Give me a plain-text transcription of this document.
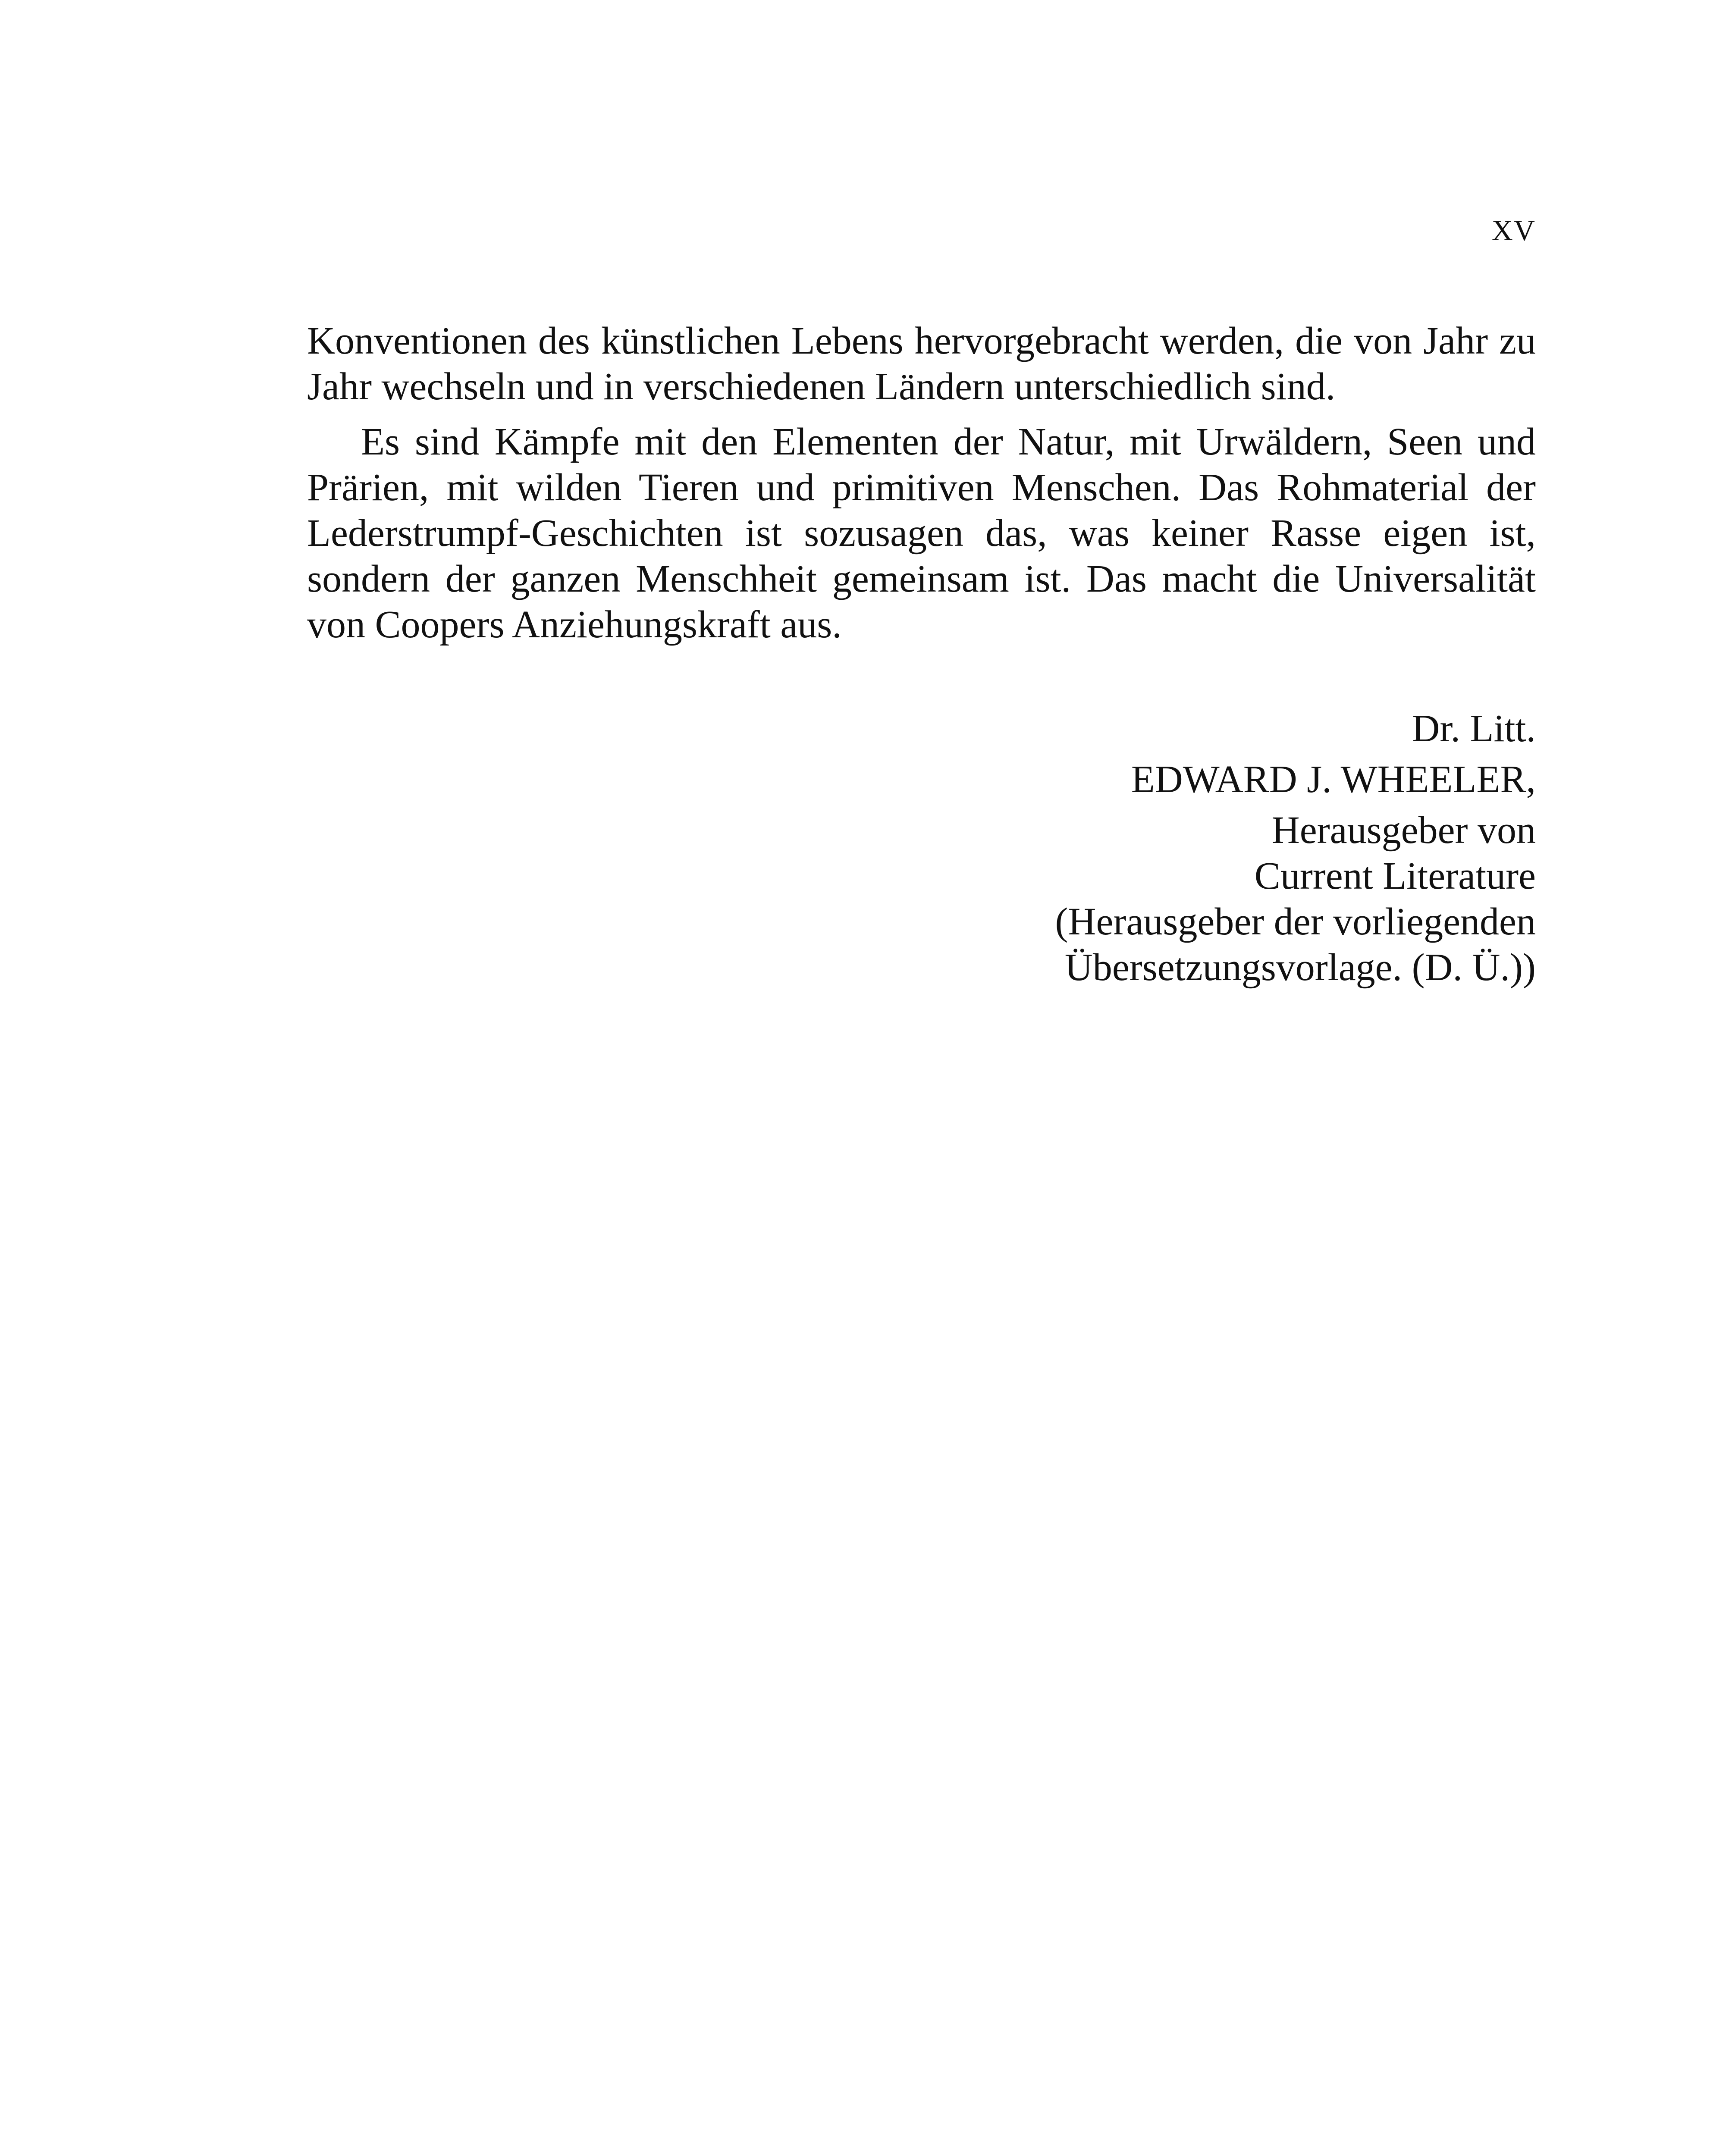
XV

Konventionen des künstlichen Lebens hervorgebracht werden, die von Jahr zu Jahr wechseln und in verschiedenen Ländern unterschiedlich sind.

Es sind Kämpfe mit den Elementen der Natur, mit Urwäldern, Seen und Prärien, mit wilden Tieren und primitiven Menschen. Das Rohmaterial der Lederstrumpf-Geschichten ist sozusagen das, was keiner Rasse eigen ist, sondern der ganzen Menschheit gemeinsam ist. Das macht die Universalität von Coopers Anziehungskraft aus.

Dr. Litt.
EDWARD J. WHEELER,
Herausgeber von
Current Literature
(Herausgeber der vorliegenden
Übersetzungsvorlage. (D. Ü.))
